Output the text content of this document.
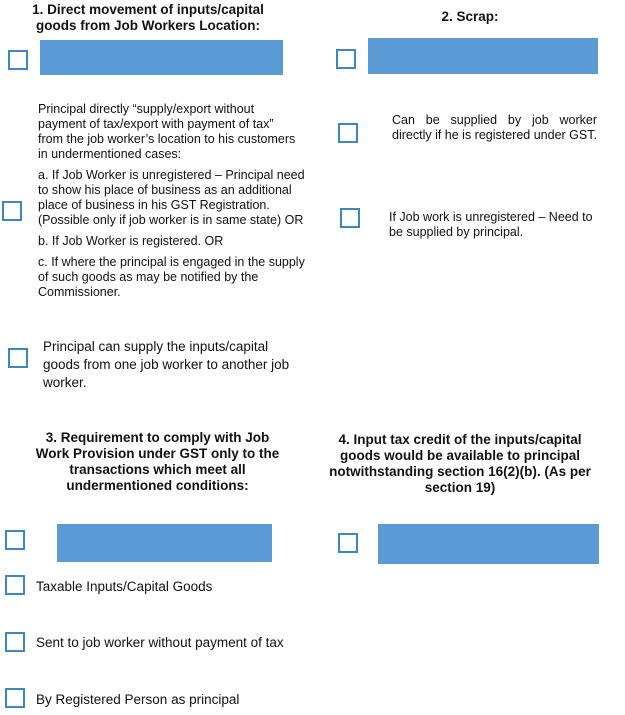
1. Direct movement of inputs/capital goods from Job Workers Location:

Principal directly “supply/export without payment of tax/export with payment of tax” from the job worker’s location to his customers in undermentioned cases:

a. If Job Worker is unregistered – Principal need to show his place of business as an additional place of business in his GST Registration. (Possible only if job worker is in same state) OR

b. If Job Worker is registered. OR

c. If where the principal is engaged in the supply of such goods as may be notified by the Commissioner.

Principal can supply the inputs/capital goods from one job worker to another job worker.
2. Scrap:
Can be supplied by job worker directly if he is registered under GST.
If Job work is unregistered – Need to be supplied by principal.
3. Requirement to comply with Job Work Provision under GST only to the transactions which meet all undermentioned conditions:
Taxable Inputs/Capital Goods
Sent to job worker without payment of tax
By Registered Person as principal
4. Input tax credit of the inputs/capital goods would be available to principal notwithstanding section 16(2)(b). (As per section 19)
